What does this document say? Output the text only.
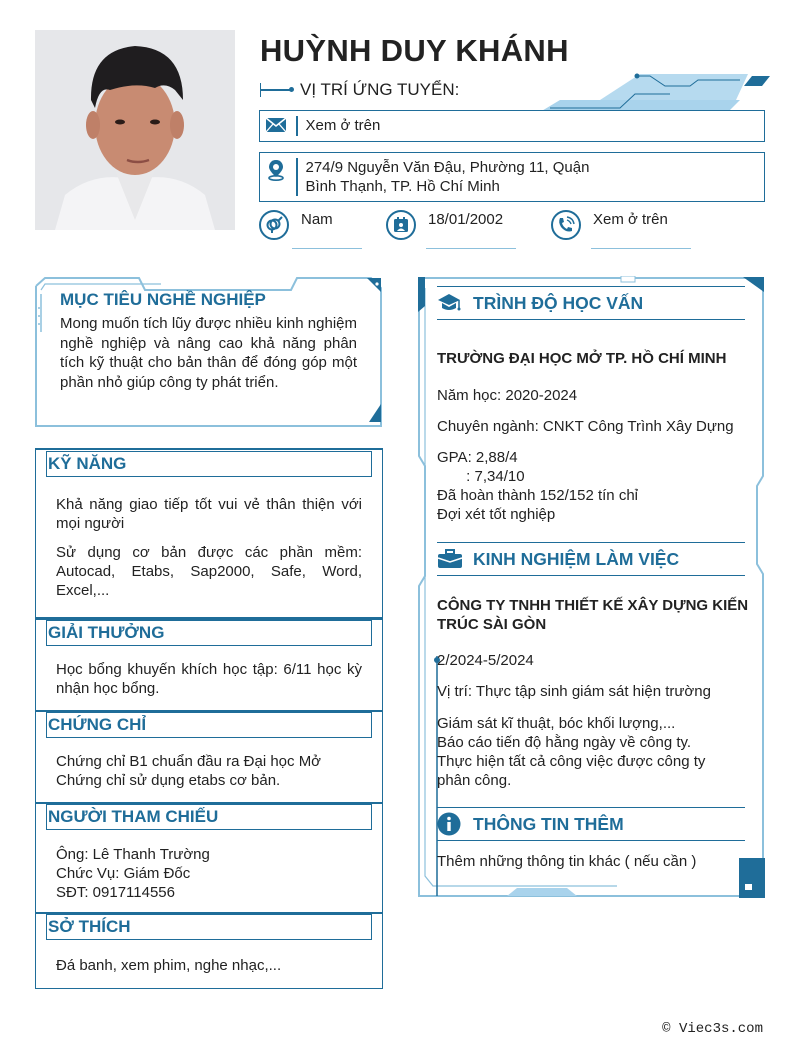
HUỲNH DUY KHÁNH
VỊ TRÍ ỨNG TUYỂN:
Xem ở trên
274/9 Nguyễn Văn Đậu, Phường 11, Quận
Bình Thạnh, TP. Hồ Chí Minh
Nam	18/01/2002	Xem ở trên
MỤC TIÊU NGHỀ NGHIỆP
Mong muốn tích lũy được nhiều kinh nghiệm nghề nghiệp và nâng cao khả năng phân tích kỹ thuật cho bản thân để đóng góp một phần nhỏ giúp công ty phát triển.
KỸ NĂNG

Khả năng giao tiếp tốt vui vẻ thân thiện với mọi người

Sử dụng cơ bản được các phần mềm: Autocad, Etabs, Sap2000, Safe, Word, Excel,...

GIẢI THƯỞNG

Học bổng khuyến khích học tập: 6/11 học kỳ nhận học bổng.

CHỨNG CHỈ
Chứng chỉ B1 chuẩn đầu ra Đại học Mở
Chứng chỉ sử dụng etabs cơ bản.
NGƯỜI THAM CHIẾU
Ông: Lê Thanh Trường
Chức Vụ: Giám Đốc
SĐT: 0917114556
SỞ THÍCH
Đá banh, xem phim, nghe nhạc,...
TRÌNH ĐỘ HỌC VẤN
TRƯỜNG ĐẠI HỌC MỞ TP. HỒ CHÍ MINH
Năm học: 2020-2024
Chuyên ngành: CNKT Công Trình Xây Dựng
GPA: 2,88/4
: 7,34/10
Đã hoàn thành 152/152 tín chỉ
Đợi xét tốt nghiệp
KINH NGHIỆM LÀM VIỆC
CÔNG TY TNHH THIẾT KẾ XÂY DỰNG KIẾN
TRÚC SÀI GÒN
2/2024-5/2024
Vị trí: Thực tập sinh giám sát hiện trường
Giám sát kĩ thuật, bóc khối lượng,...
Báo cáo tiến độ hằng ngày về công ty.
Thực hiện tất cả công việc được công ty
phân công.
THÔNG TIN THÊM
Thêm những thông tin khác ( nếu cần )
© Viec3s.com
